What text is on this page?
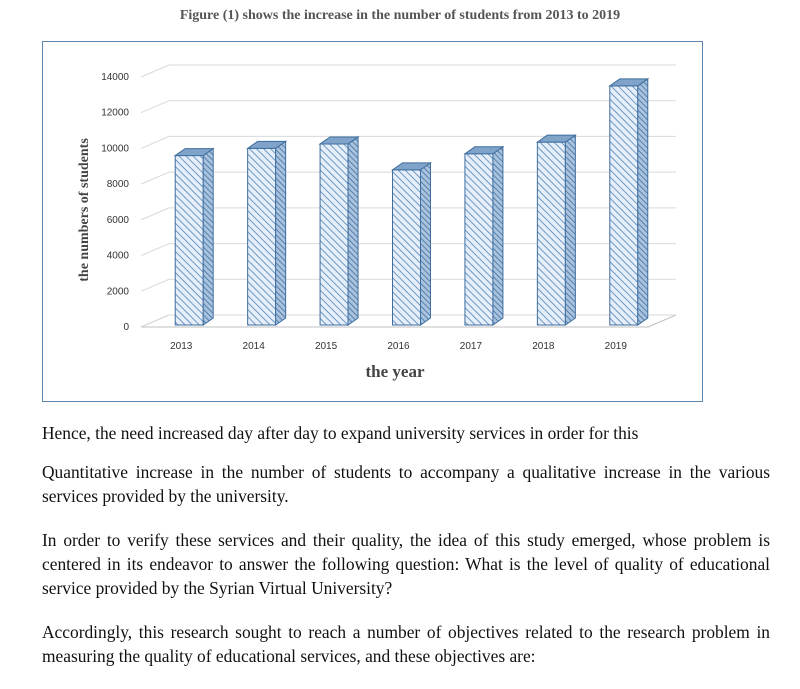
Figure (1) shows the increase in the number of students from 2013 to 2019
0
2000
4000
6000
8000
10000
12000
14000
2013	2014	2015	2016	2017	2018	2019
the year
the numbers of students

Hence, the need increased day after day to expand university services in order for this

Quantitative increase in the number of students to accompany a qualitative increase in the various services provided by the university.

In order to verify these services and their quality, the idea of this study emerged, whose problem is centered in its endeavor to answer the following question: What is the level of quality of educational service provided by the Syrian Virtual University?

Accordingly, this research sought to reach a number of objectives related to the research problem in measuring the quality of educational services, and these objectives are:
